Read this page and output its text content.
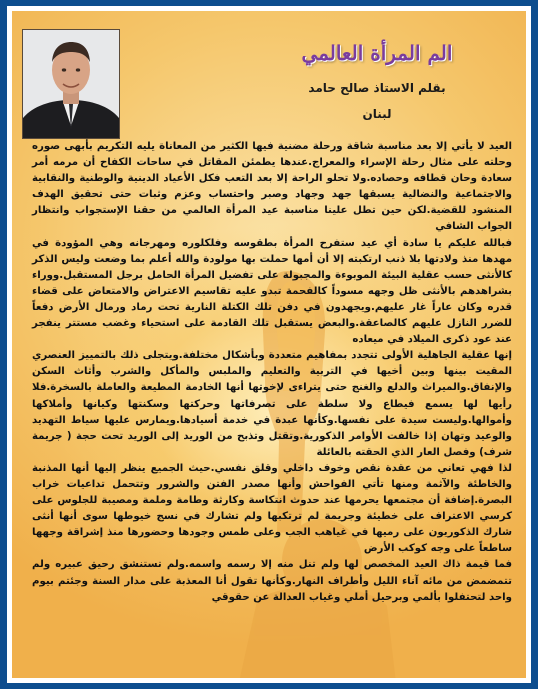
الم المرأة العالمي
بقلم الاستاذ صالح حامد
لبنان

العيد لا يأتي إلا بعد مناسبة شاقة ورحلة مضنية فيها الكثير من المعاناة يليه التكريم بأبهى صوره وحلته على مثال رحلة الإسراء والمعراج.عندها يطمئن المقاتل في ساحات الكفاح أن مرمه أمر سعادة وحان قطافه وحصاده.ولا تحلو الراحة إلا بعد التعب فكل الأعياد الدينية والوطنية والنقابية والاجتماعية والنضالية يسبقها جهد وجهاد وصبر واحتساب وعزم وثبات حتى تحقيق الهدف المنشود للقضية.لكن حين تطل علينا مناسبة عيد المرأة العالمي من حقنا الإستجواب وانتظار الجواب الشافي

فبالله عليكم يا سادة أي عيد ستفرح المرأة بطقوسه وفلكلوره ومهرجانه وهي المؤودة في مهدها منذ ولادتها بلا ذنب ارتكبته إلا أن أمها حملت بها مولودة والله أعلم بما وضعت وليس الذكر كالأنثى حسب عقلية البيئة الموبوءة والمجبولة على تفضيل المرأة الحامل برجل المستقبل.ووراء بشراهدهم بالأنثى ظل وجهه مسوداً كالفحمة تبدو عليه تقاسيم الاعتراض والامتعاض على قضاء قدره وكان عاراً غار عليهم.ويجهدون في دفن تلك الكتلة النارية تحت رماد ورمال الأرض دفعاً للضرر النازل عليهم كالصاعقة.والبعض يستقبل تلك القادمة على استحياء وغضب مستتر ينفجر عند عود ذكرى الميلاد في ميعاده

إنها عقلية الجاهلية الأولى تتجدد بمفاهيم متعددة وبأشكال مختلفة.ويتجلى ذلك بالتمييز العنصري المقيت بينها وبين أخيها في التربية والتعليم والملبس والمأكل والشرب وأثاث السكن والإنفاق.والميراث والدلع والغنج حتى يتراءى لإخوتها أنها الخادمة المطيعة والعاملة بالسخرة.فلا رأيها لها يسمع فيطاع ولا سلطة على تصرفاتها وحركتها وسكنتها وكيانها وأملاكها وأموالها.وليست سيدة على نفسها.وكأنها عبدة في خدمة أسيادها.ويمارس عليها سياط التهديد والوعيد وتهان إذا خالفت الأوامر الذكورية.وتقتل وتذبح من الوريد إلى الوريد تحت حجة ( جريمة شرف) وفصل العار الذي الحقته بالعائلة

لذا فهي تعاني من عقدة نقص وخوف داخلي وقلق نفسي.حيث الجميع ينظر إليها أنها المذنبة والخاطئة والآثمة ومنها تأتي الفواحش وأنها مصدر الفتن والشرور وتتحمل تداعيات خراب البصرة.إضافة أن مجتمعها يحرمها عند حدوث انتكاسة وكارثة وطامة وملمة ومصيبة للجلوس على كرسي الاعتراف على خطيئة وجريمة لم ترتكبها ولم تشارك في نسج خيوطها سوى أنها أنثى شارك الذكوريون على رميها في غياهب الجب وعلى طمس وجودها وحضورها منذ إشراقة وجهها ساطعاً على وجه كوكب الأرض

فما قيمة ذاك العيد المخصص لها ولم تنل منه إلا رسمه واسمه.ولم تستنشق رحيق عبيره ولم تتمضمض من مائه آناء الليل وأطراف النهار.وكأنها تقول أنا المعذبة على مدار السنة وجئتم بيوم واحد لتحتفلوا بألمي وبرحيل أملي وغياب العدالة عن حقوقي
